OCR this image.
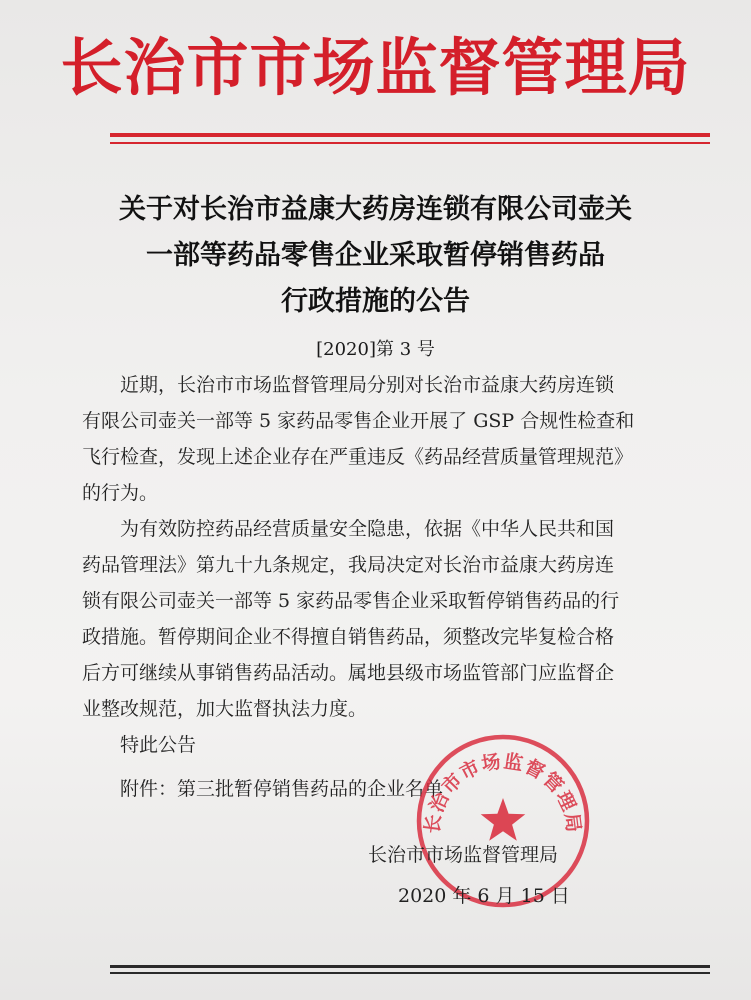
长治市市场监督管理局
关于对长治市益康大药房连锁有限公司壶关
一部等药品零售企业采取暂停销售药品
行政措施的公告
[2020]第 3 号
近期，长治市市场监督管理局分别对长治市益康大药房连锁
有限公司壶关一部等 5 家药品零售企业开展了 GSP 合规性检查和
飞行检查，发现上述企业存在严重违反《药品经营质量管理规范》
的行为。
为有效防控药品经营质量安全隐患，依据《中华人民共和国
药品管理法》第九十九条规定，我局决定对长治市益康大药房连
锁有限公司壶关一部等 5 家药品零售企业采取暂停销售药品的行
政措施。暂停期间企业不得擅自销售药品，须整改完毕复检合格
后方可继续从事销售药品活动。属地县级市场监管部门应监督企
业整改规范，加大监督执法力度。
特此公告
附件：第三批暂停销售药品的企业名单
长治市市场监督管理局
长治市市场监督管理局
2020 年 6 月 15 日
